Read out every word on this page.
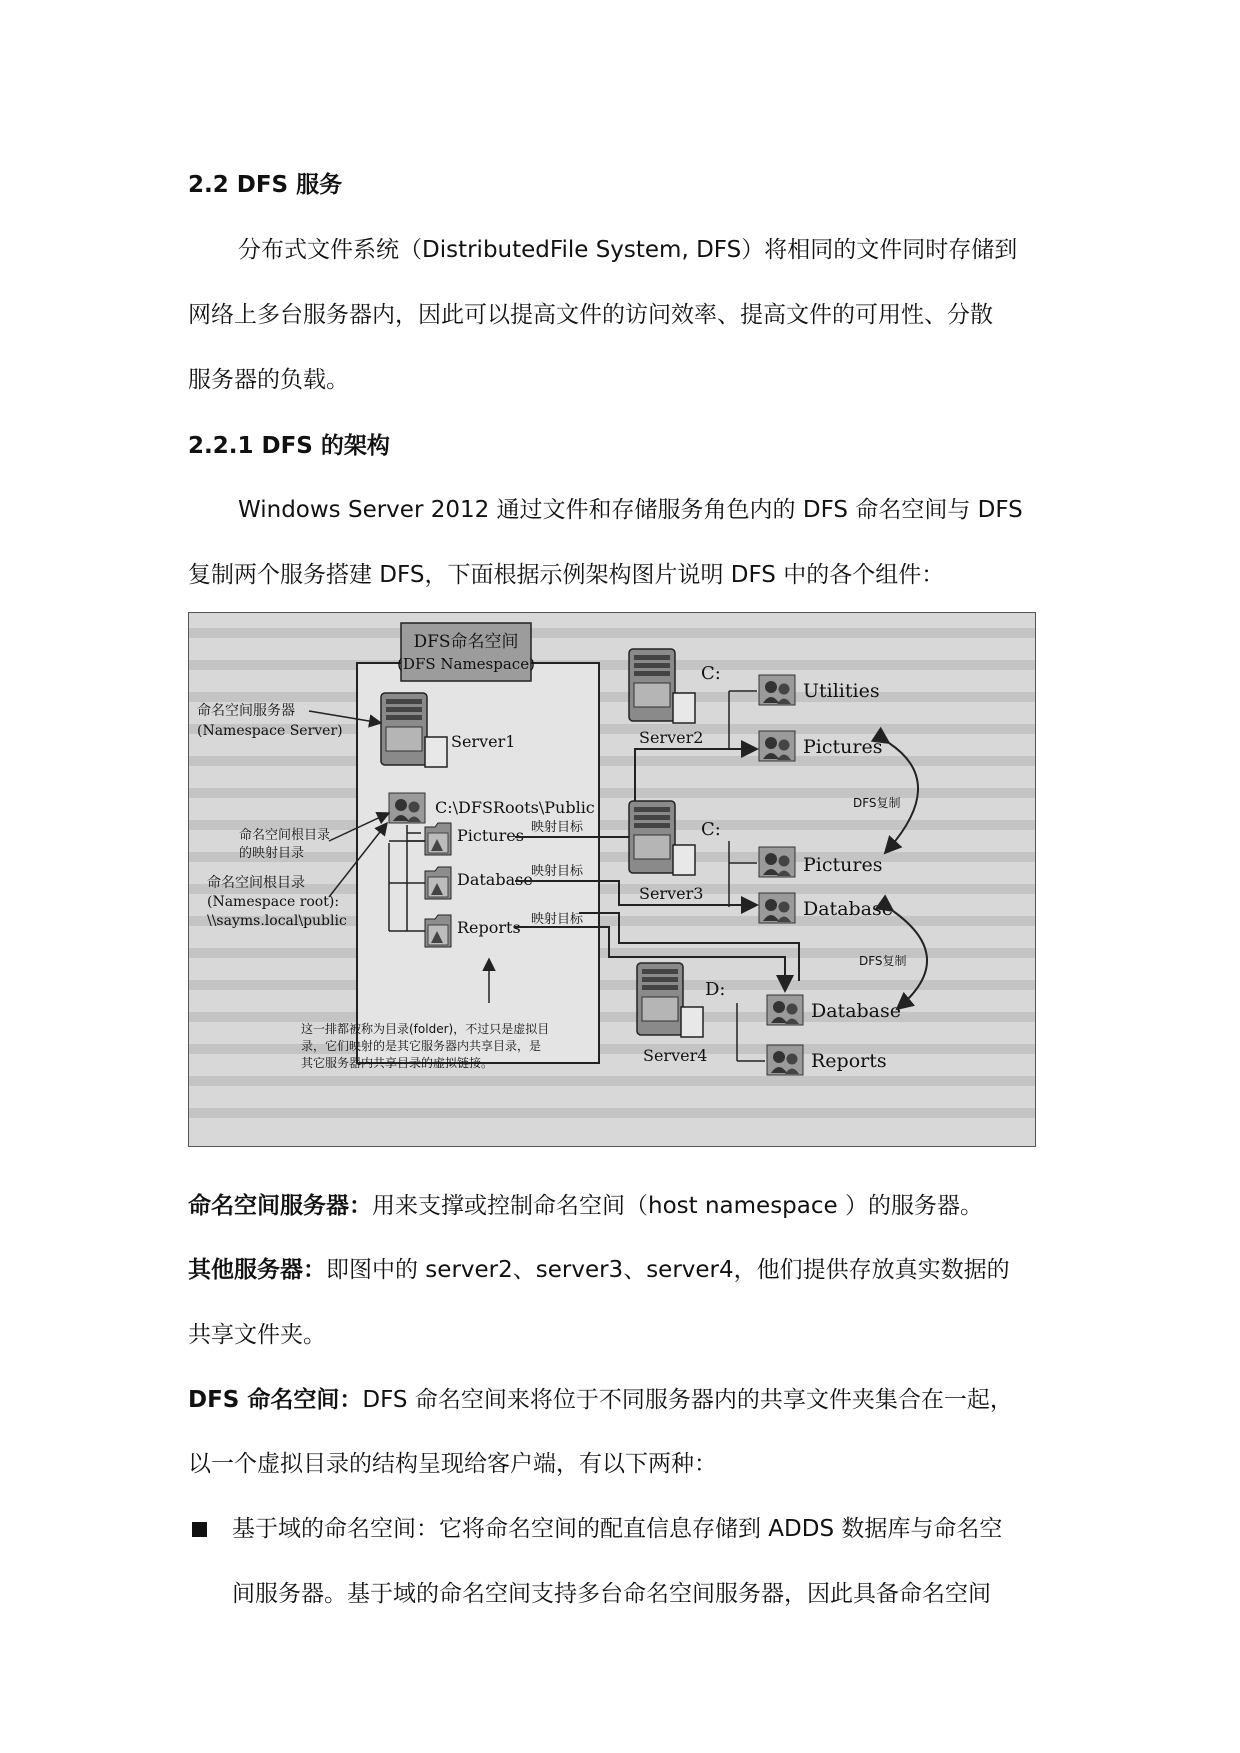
2.2 DFS 服务
分布式文件系统（DistributedFile System, DFS）将相同的文件同时存储到
网络上多台服务器内，因此可以提高文件的访问效率、提高文件的可用性、分散
服务器的负载。
2.2.1 DFS 的架构
Windows Server 2012 通过文件和存储服务角色内的 DFS 命名空间与 DFS
复制两个服务搭建 DFS，下面根据示例架构图片说明 DFS 中的各个组件：
DFS命名空间
(DFS Namespace)
命名空间服务器
(Namespace Server)
Server1
C:\DFSRoots\Public
命名空间根目录
的映射目录
命名空间根目录
(Namespace root):
\\sayms.local\public
Pictures
Database
Reports
映射目标
映射目标
映射目标
这一排都被称为目录(folder)，不过只是虚拟目
录，它们映射的是其它服务器内共享目录，是
其它服务器内共享目录的虚拟链接。
Server2
C:
Utilities
Pictures
Server3
C:
Pictures
Database
Server4
D:
Database
Reports
DFS复制
DFS复制
命名空间服务器：用来支撑或控制命名空间（host namespace ）的服务器。
其他服务器：即图中的 server2、server3、server4，他们提供存放真实数据的
共享文件夹。
DFS 命名空间：DFS 命名空间来将位于不同服务器内的共享文件夹集合在一起，
以一个虚拟目录的结构呈现给客户端，有以下两种：
基于域的命名空间：它将命名空间的配直信息存储到 ADDS 数据库与命名空
间服务器。基于域的命名空间支持多台命名空间服务器，因此具备命名空间
